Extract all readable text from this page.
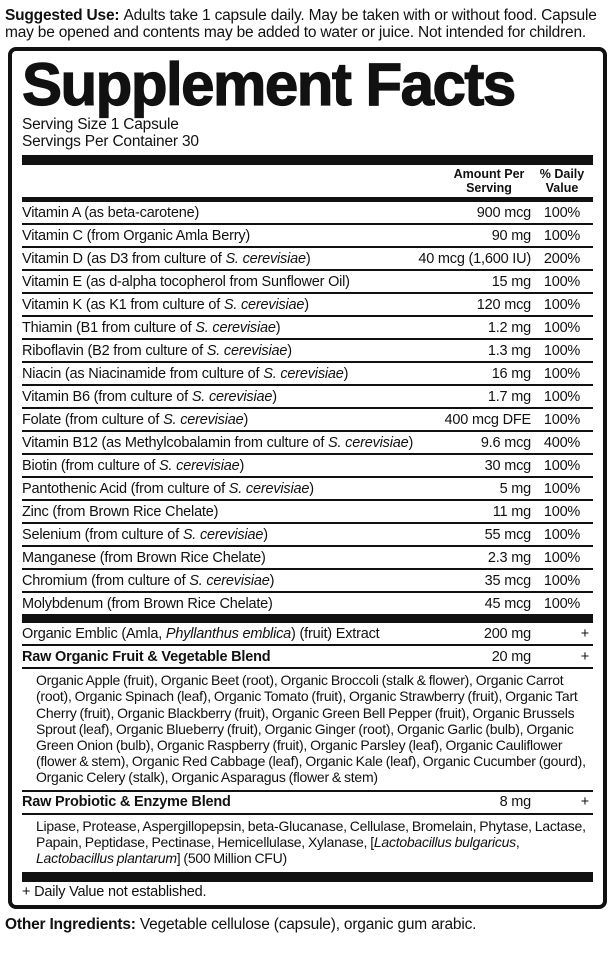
Suggested Use: Adults take 1 capsule daily. May be taken with or without food. Capsule may be opened and contents may be added to water or juice. Not intended for children.

Supplement Facts
Serving Size 1 Capsule
Servings Per Container 30
Amount Per Serving
% Daily Value
Vitamin A (as beta-carotene)	900 mcg 100%
Vitamin C (from Organic Amla Berry)	90 mg 100%
Vitamin D (as D3 from culture of S. cerevisiae)	40 mcg (1,600 IU) 200%
Vitamin E (as d-alpha tocopherol from Sunflower Oil)	15 mg 100%
Vitamin K (as K1 from culture of S. cerevisiae)	120 mcg 100%
Thiamin (B1 from culture of S. cerevisiae)	1.2 mg 100%
Riboflavin (B2 from culture of S. cerevisiae)	1.3 mg 100%
Niacin (as Niacinamide from culture of S. cerevisiae)	16 mg 100%
Vitamin B6 (from culture of S. cerevisiae)	1.7 mg 100%
Folate (from culture of S. cerevisiae)	400 mcg DFE 100%
Vitamin B12 (as Methylcobalamin from culture of S. cerevisiae)	9.6 mcg 400%
Biotin (from culture of S. cerevisiae)	30 mcg 100%
Pantothenic Acid (from culture of S. cerevisiae)	5 mg 100%
Zinc (from Brown Rice Chelate)	11 mg 100%
Selenium (from culture of S. cerevisiae)	55 mcg 100%
Manganese (from Brown Rice Chelate)	2.3 mg 100%
Chromium (from culture of S. cerevisiae)	35 mcg 100%
Molybdenum (from Brown Rice Chelate)	45 mcg 100%
Organic Emblic (Amla, Phyllanthus emblica) (fruit) Extract	200 mg	+
Raw Organic Fruit & Vegetable Blend	20 mg	+
Organic Apple (fruit), Organic Beet (root), Organic Broccoli (stalk & flower), Organic Carrot (root), Organic Spinach (leaf), Organic Tomato (fruit), Organic Strawberry (fruit), Organic Tart Cherry (fruit), Organic Blackberry (fruit), Organic Green Bell Pepper (fruit), Organic Brussels Sprout (leaf), Organic Blueberry (fruit), Organic Ginger (root), Organic Garlic (bulb), Organic Green Onion (bulb), Organic Raspberry (fruit), Organic Parsley (leaf), Organic Cauliflower (flower & stem), Organic Red Cabbage (leaf), Organic Kale (leaf), Organic Cucumber (gourd), Organic Celery (stalk), Organic Asparagus (flower & stem)
Raw Probiotic & Enzyme Blend	8 mg	+
Lipase, Protease, Aspergillopepsin, beta-Glucanase, Cellulase, Bromelain, Phytase, Lactase, Papain, Peptidase, Pectinase, Hemicellulase, Xylanase, [Lactobacillus bulgaricus, Lactobacillus plantarum] (500 Million CFU)
+ Daily Value not established.

Other Ingredients: Vegetable cellulose (capsule), organic gum arabic.
